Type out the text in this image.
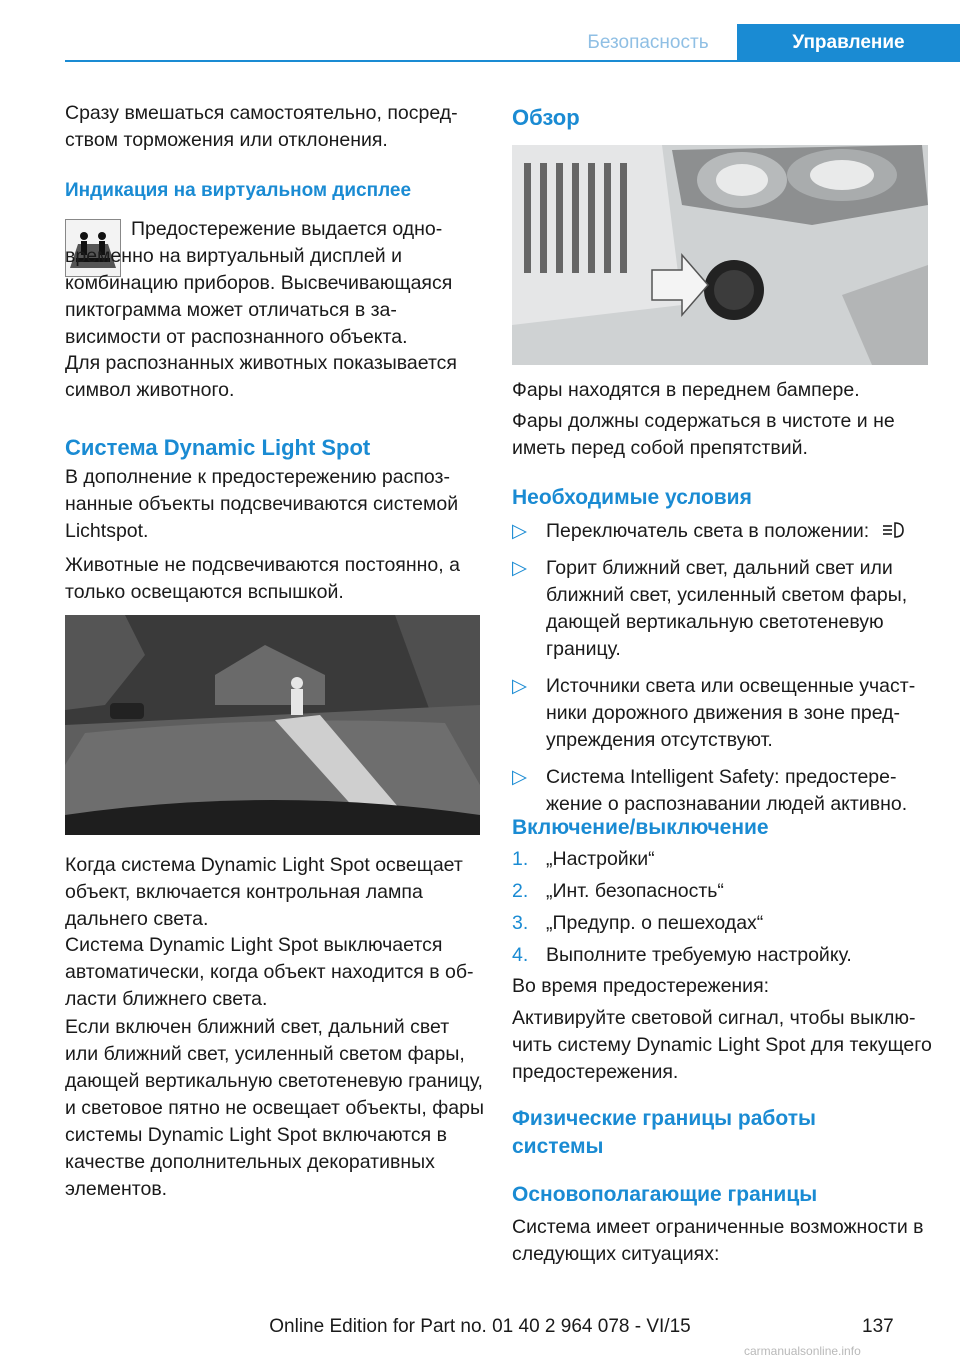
Безопасность	Управление

Сразу вмешаться самостоятельно, посредством торможения или отклонения.

Индикация на виртуальном дисплее

Предостережение выдается одновременно на виртуальный дисплей и комбинацию приборов. Высвечивающаяся пиктограмма может отличаться в зависимости от распознанного объекта.

Для распознанных животных показывается символ животного.

Система Dynamic Light Spot

В дополнение к предостережению распознанные объекты подсвечиваются системой Lichtspot.

Животные не подсвечиваются постоянно, а только освещаются вспышкой.

Когда система Dynamic Light Spot освещает объект, включается контрольная лампа дальнего света.

Система Dynamic Light Spot выключается автоматически, когда объект находится в области ближнего света.

Если включен ближний свет, дальний свет или ближний свет, усиленный светом фары, дающей вертикальную светотеневую границу, и световое пятно не освещает объекты, фары системы Dynamic Light Spot включаются в качестве дополнительных декоративных элементов.

Обзор

Фары находятся в переднем бампере.

Фары должны содержаться в чистоте и не иметь перед собой препятствий.

Необходимые условия
▷ Переключатель света в положении:
▷ Горит ближний свет, дальний свет или ближний свет, усиленный светом фары, дающей вертикальную светотеневую границу.
▷ Источники света или освещенные участники дорожного движения в зоне предупреждения отсутствуют.
▷ Система Intelligent Safety: предостережение о распознавании людей активно.
Включение/выключение
1. „Настройки“
2. „Инт. безопасность“
3. „Предупр. о пешеходах“
4. Выполните требуемую настройку.

Во время предостережения:

Активируйте световой сигнал, чтобы выключить систему Dynamic Light Spot для текущего предостережения.

Физические границы работы системы
Основополагающие границы

Система имеет ограниченные возможности в следующих ситуациях:

Online Edition for Part no. 01 40 2 964 078 - VI/15	137
carmanualsonline.info
